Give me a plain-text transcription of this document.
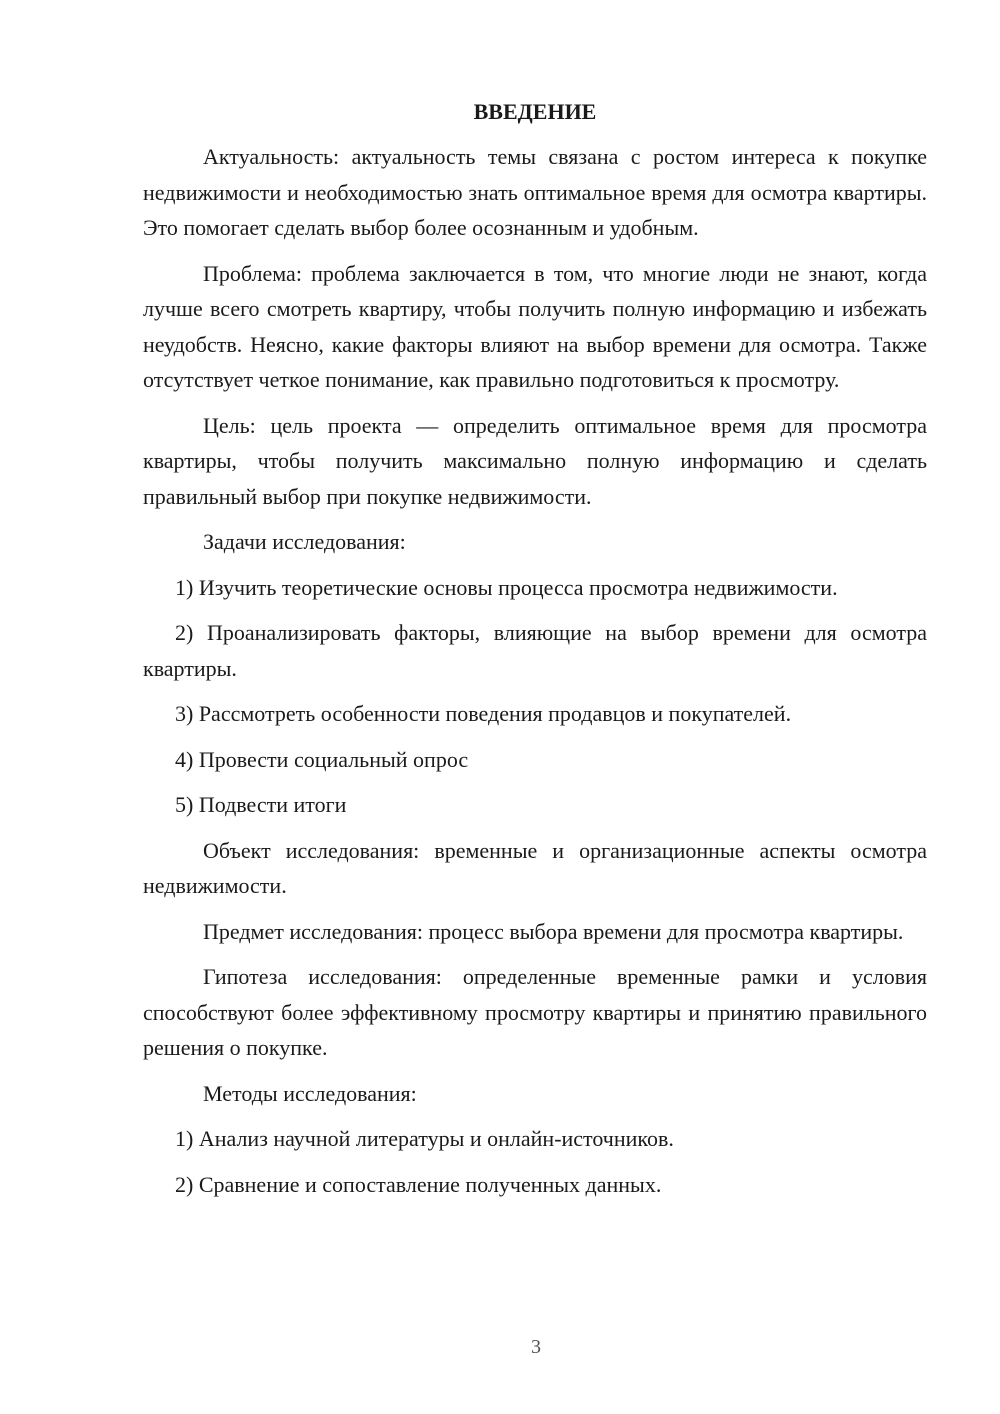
ВВЕДЕНИЕ

Актуальность: актуальность темы связана с ростом интереса к покупке недвижимости и необходимостью знать оптимальное время для осмотра квартиры. Это помогает сделать выбор более осознанным и удобным.

Проблема: проблема заключается в том, что многие люди не знают, когда лучше всего смотреть квартиру, чтобы получить полную информацию и избежать неудобств. Неясно, какие факторы влияют на выбор времени для осмотра. Также отсутствует четкое понимание, как правильно подготовиться к просмотру.

Цель: цель проекта — определить оптимальное время для просмотра квартиры, чтобы получить максимально полную информацию и сделать правильный выбор при покупке недвижимости.

Задачи исследования:

1) Изучить теоретические основы процесса просмотра недвижимости.

2) Проанализировать факторы, влияющие на выбор времени для осмотра квартиры.

3) Рассмотреть особенности поведения продавцов и покупателей.

4) Провести социальный опрос

5) Подвести итоги

Объект исследования: временные и организационные аспекты осмотра недвижимости.

Предмет исследования: процесс выбора времени для просмотра квартиры.

Гипотеза исследования: определенные временные рамки и условия способствуют более эффективному просмотру квартиры и принятию правильного решения о покупке.

Методы исследования:

1) Анализ научной литературы и онлайн-источников.

2) Сравнение и сопоставление полученных данных.

3
